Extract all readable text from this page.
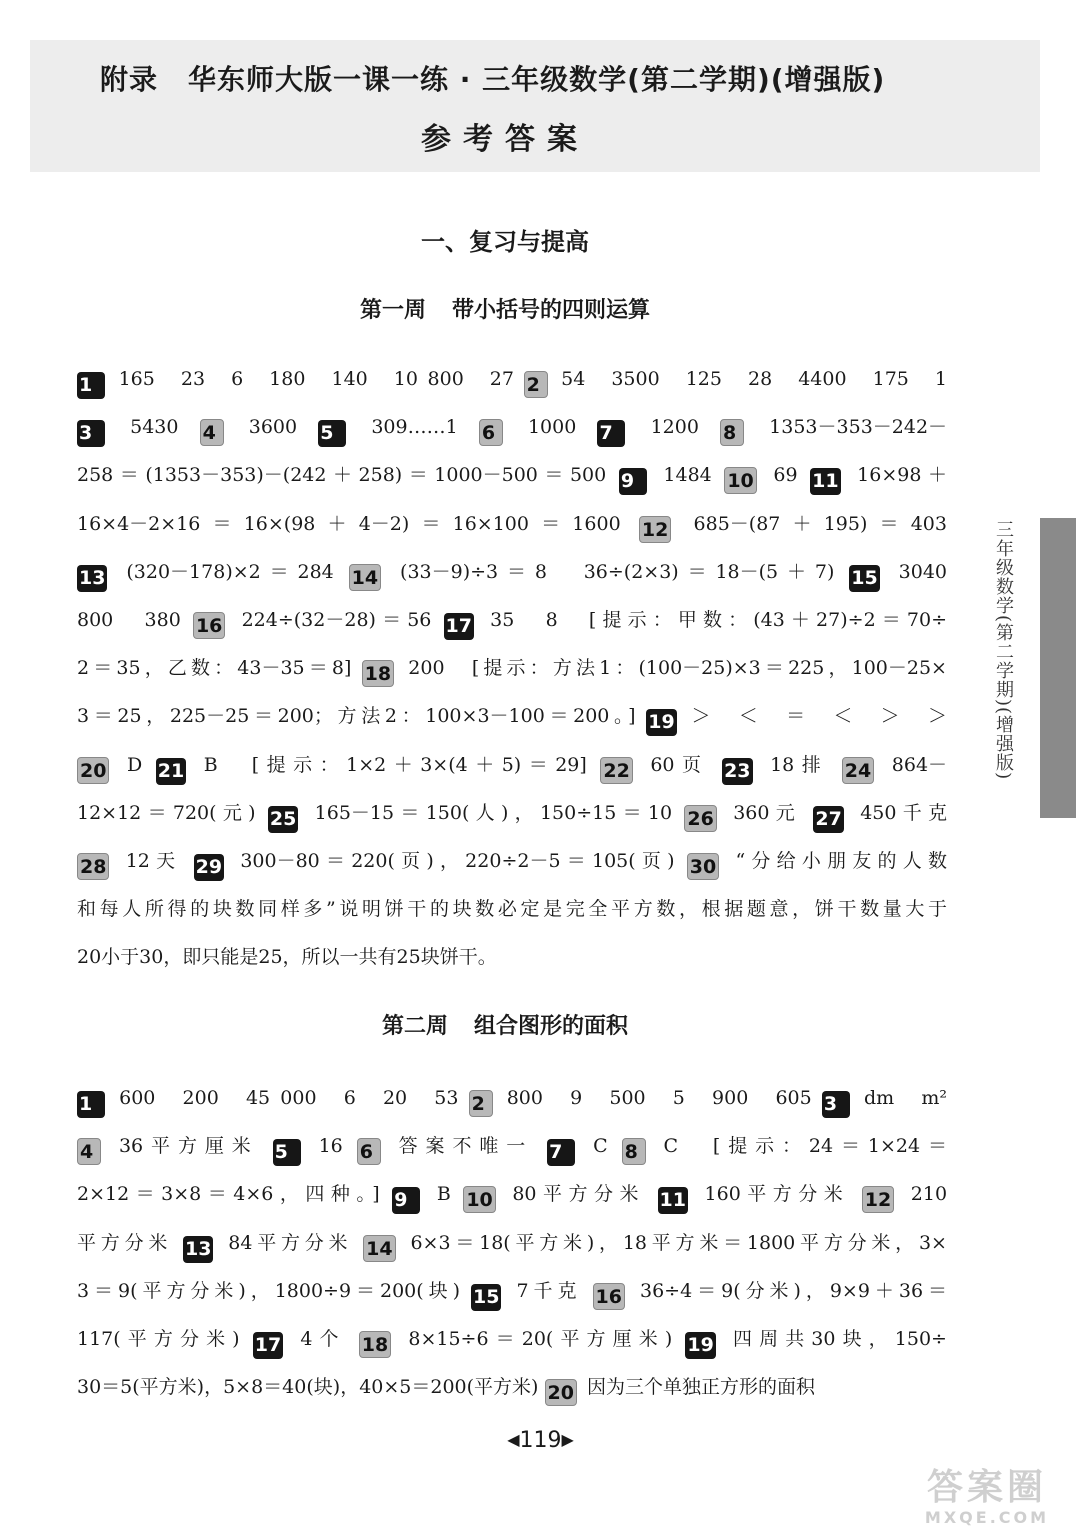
附录 华东师大版一课一练 · 三年级数学(第二学期)(增强版)
参考答案
一、复习与提高
第一周 带小括号的四则运算
1 165　23　6　180　140　10 800　27 2 54　3500　125　28　4400　175　1
3 5430 4 3600 5 309……1 6 1000 7 1200 8 1353－353－242－
258＝(1353－353)－(242＋258)＝1000－500＝500 9 1484 10 69 11 16×98＋
16×4－2×16＝16×(98＋4－2)＝16×100＝1600 12 685－(87＋195)＝403
13 (320－178)×2＝284 14 (33－9)÷3＝8　36÷(2×3)＝18－(5＋7) 15 3040
800　380 16 224÷(32－28)＝56 17 35　8　[提示：甲数：(43＋27)÷2＝70÷
2＝35，乙数：43－35＝8] 18 200　[提示：方法1：(100－25)×3＝225，100－25×
3＝25，225－25＝200；方法2：100×3－100＝200。] 19 ＞　＜　＝　＜　＞　＞
20 D 21 B　[提示：1×2＋3×(4＋5)＝29] 22 60页 23 18排 24 864－
12×12＝720(元) 25 165－15＝150(人)，150÷15＝10 26 360元 27 450千克
28 12天 29 300－80＝220(页)，220÷2－5＝105(页) 30 “分给小朋友的人数
和每人所得的块数同样多”说明饼干的块数必定是完全平方数，根据题意，饼干数量大于
20小于30，即只能是25，所以一共有25块饼干。
第二周 组合图形的面积
1 600　200　45 000　6　20　53 2 800　9　500　5　900　605 3 dm　m²
4 36平方厘米 5 16 6 答案不唯一 7 C 8 C　[提示：24＝1×24＝
2×12＝3×8＝4×6，四种。] 9 B 10 80平方分米 11 160平方分米 12 210
平方分米 13 84平方分米 14 6×3＝18(平方米)，18平方米＝1800平方分米，3×
3＝9(平方分米)，1800÷9＝200(块) 15 7千克 16 36÷4＝9(分米)，9×9＋36＝
117(平方分米) 17 4个 18 8×15÷6＝20(平方厘米) 19 四周共30块，150÷
30＝5(平方米)，5×8＝40(块)，40×5＝200(平方米) 20 因为三个单独正方形的面积
三年级数学(第二学期)(增强版)
◀119▶
答案圈
MXQE.COM
